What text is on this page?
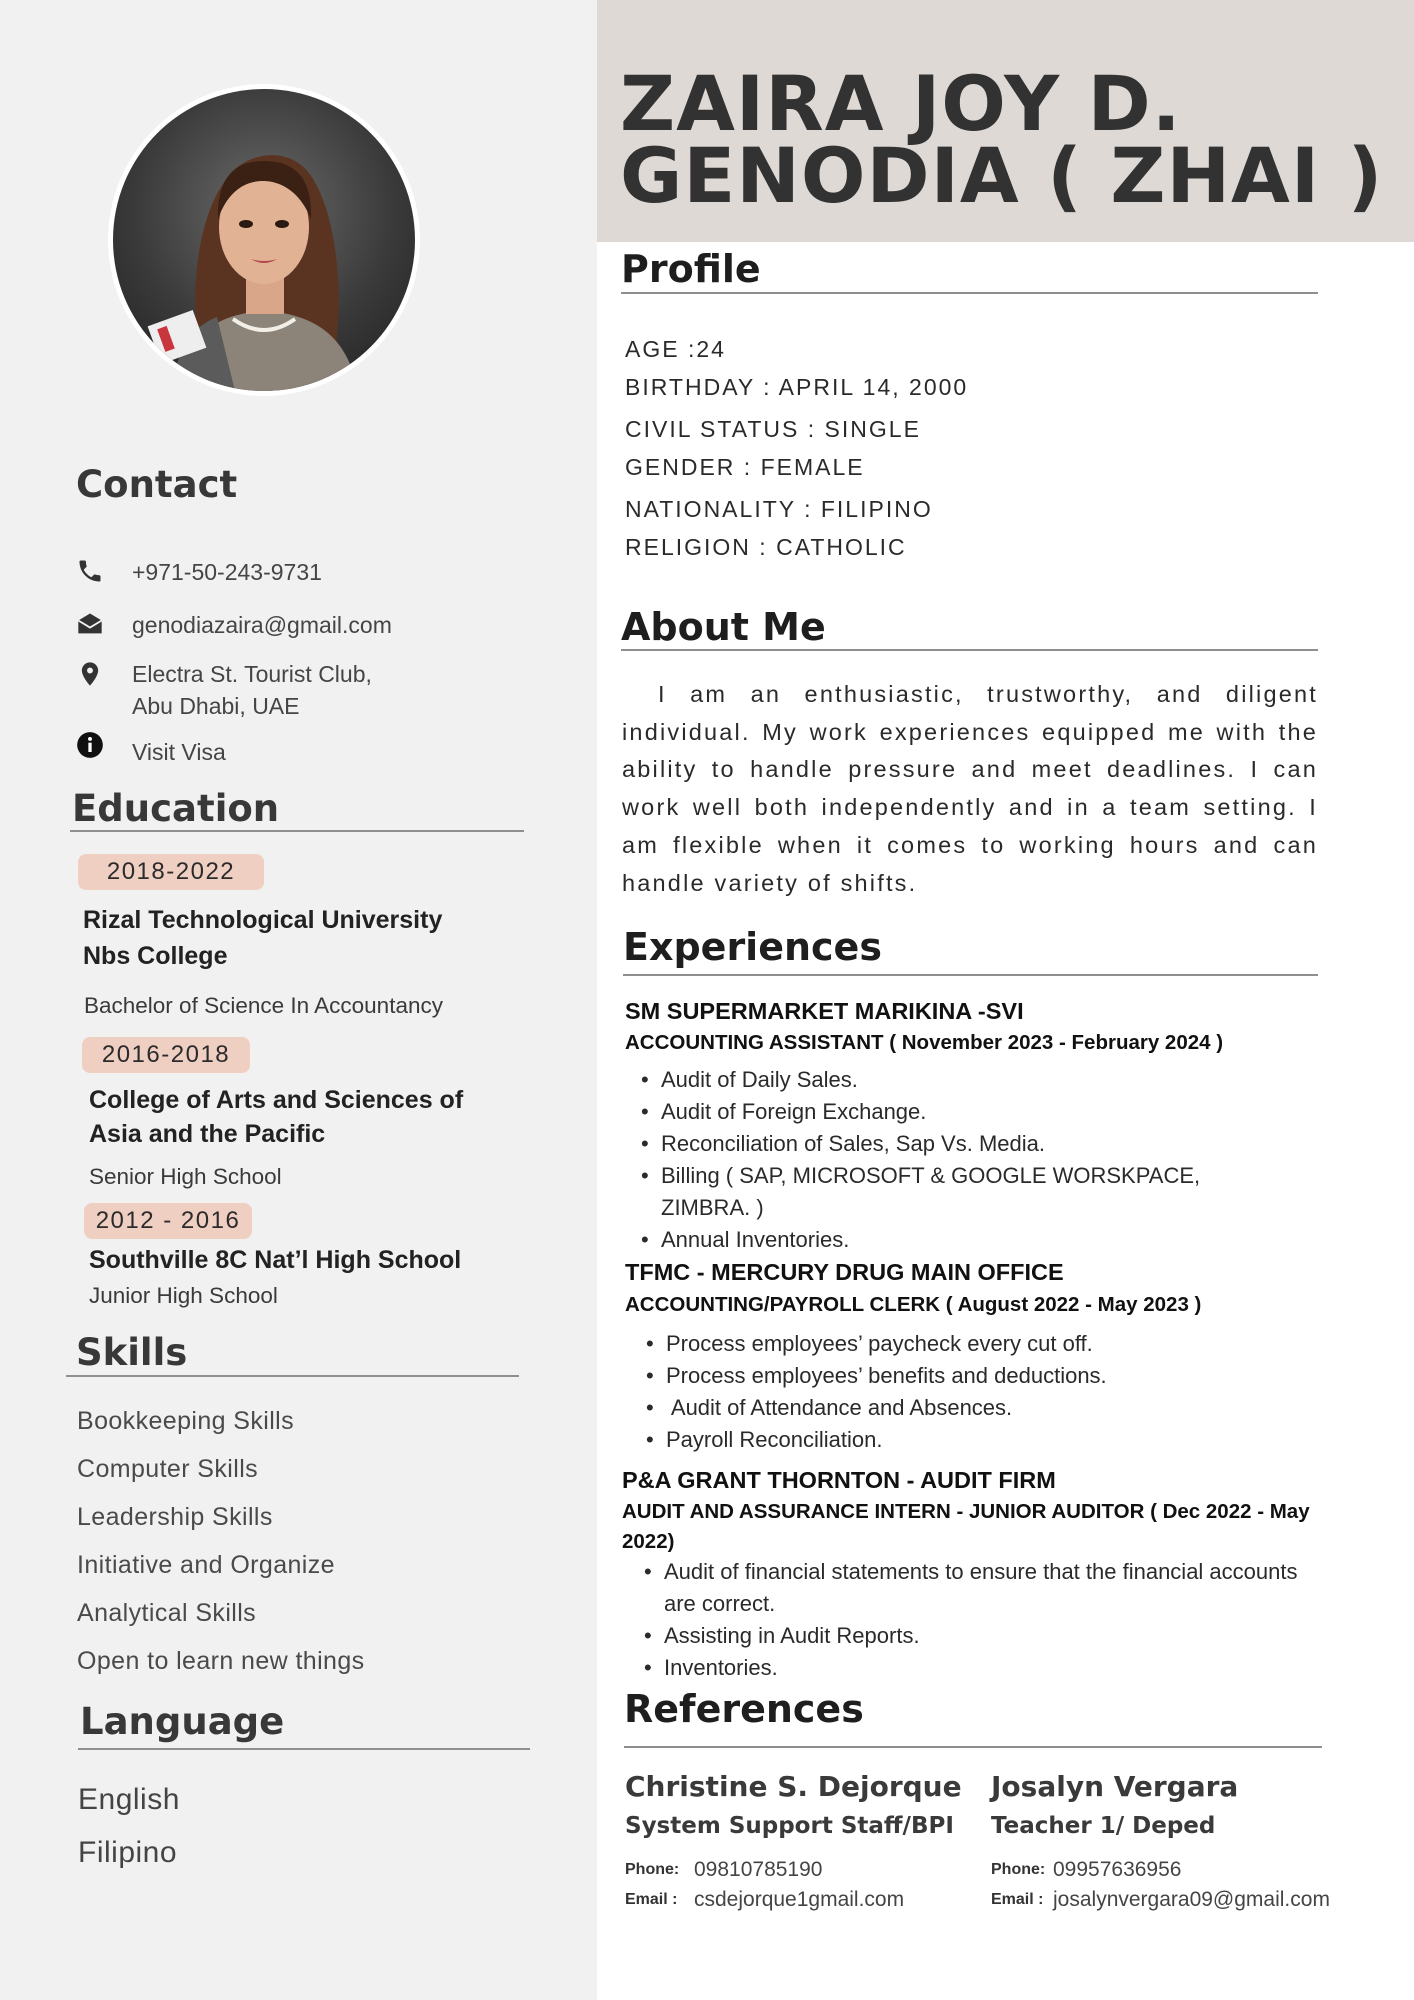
ZAIRA JOY D.
GENODIA ( ZHAI )
Profile
AGE :24
BIRTHDAY : APRIL 14, 2000
CIVIL STATUS : SINGLE
GENDER : FEMALE
NATIONALITY : FILIPINO
RELIGION : CATHOLIC
About Me
I am an enthusiastic, trustworthy, and diligent individual. My work experiences equipped me with the ability to handle pressure and meet deadlines. I can work well both independently and in a team setting. I am flexible when it comes to working hours and can handle variety of shifts.
Experiences
SM SUPERMARKET MARIKINA -SVI
ACCOUNTING ASSISTANT ( November 2023 - February 2024 )
• Audit of Daily Sales.
• Audit of Foreign Exchange.
• Reconciliation of Sales, Sap Vs. Media.
• Billing ( SAP, MICROSOFT & GOOGLE WORSKPACE, ZIMBRA. )
• Annual Inventories.
TFMC - MERCURY DRUG MAIN OFFICE
ACCOUNTING/PAYROLL CLERK ( August 2022 - May 2023 )
• Process employees’ paycheck every cut off.
• Process employees’ benefits and deductions.
•  Audit of Attendance and Absences.
• Payroll Reconciliation.
P&A GRANT THORNTON - AUDIT FIRM
AUDIT AND ASSURANCE INTERN - JUNIOR AUDITOR ( Dec 2022 - May 2022)
• Audit of financial statements to ensure that the financial accounts are correct.
• Assisting in Audit Reports.
• Inventories.
References
Christine S. Dejorque
System Support Staff/BPI
Phone: 09810785190
Email : csdejorque1gmail.com
Josalyn Vergara
Teacher 1/ Deped
Phone: 09957636956
Email : josalynvergara09@gmail.com
Contact
+971-50-243-9731
genodiazaira@gmail.com
Electra St. Tourist Club,
Abu Dhabi, UAE
Visit Visa
Education
2018-2022
Rizal Technological University
Nbs College
Bachelor of Science In Accountancy
2016-2018
College of Arts and Sciences of
Asia and the Pacific
Senior High School
2012 - 2016
Southville 8C Nat’l High School
Junior High School
Skills
Bookkeeping Skills
Computer Skills
Leadership Skills
Initiative and Organize
Analytical Skills
Open to learn new things
Language
English
Filipino
